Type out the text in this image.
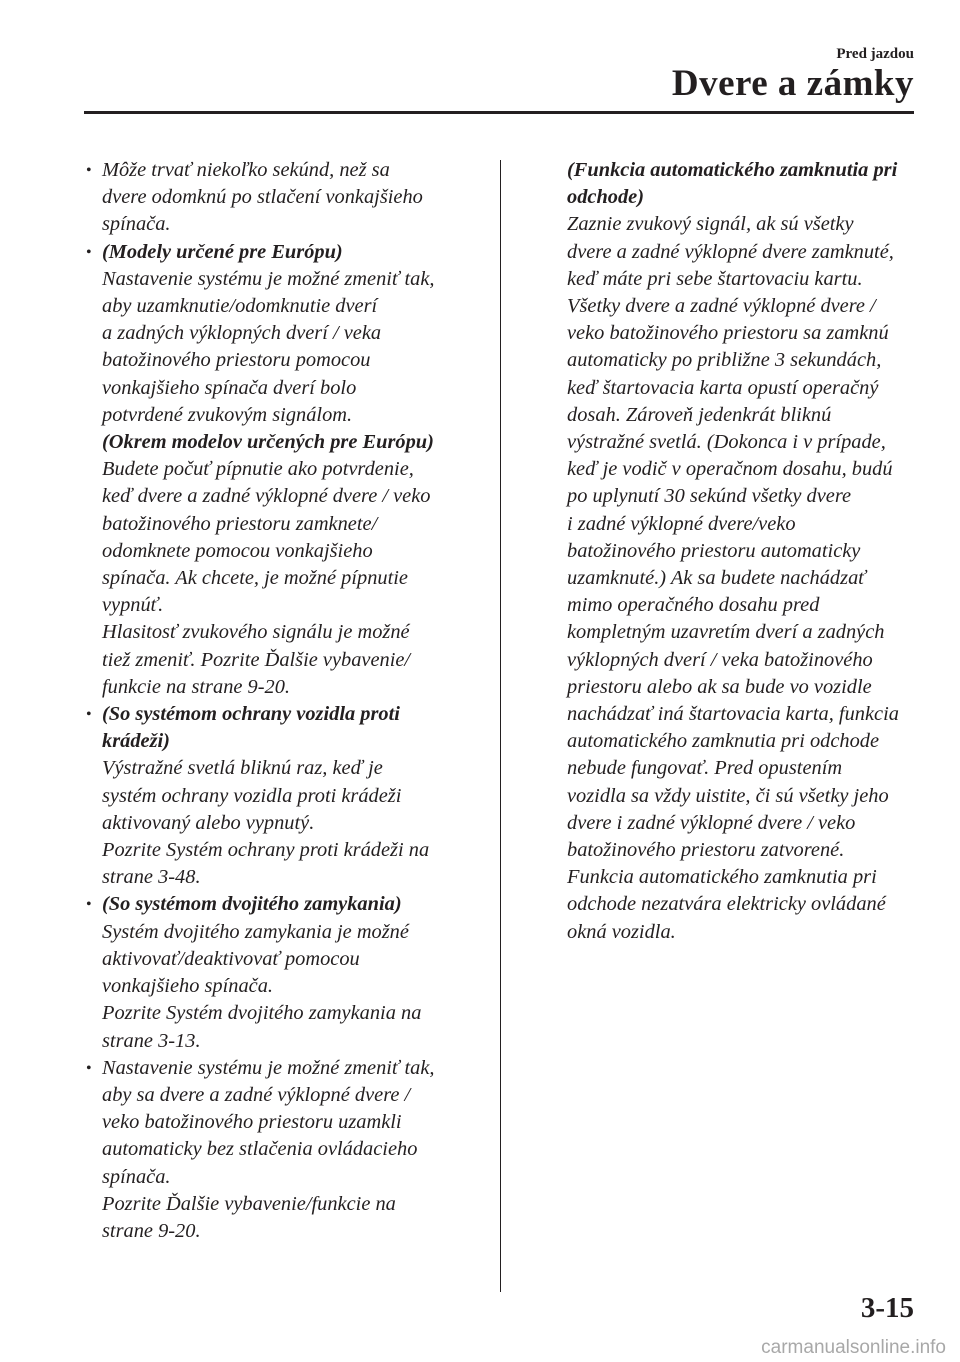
Pred jazdou
Dvere a zámky
• Môže trvať niekoľko sekúnd, než sa
dvere odomknú po stlačení vonkajšieho
spínača.
• (Modely určené pre Európu)
Nastavenie systému je možné zmeniť tak,
aby uzamknutie/odomknutie dverí
a zadných výklopných dverí / veka
batožinového priestoru pomocou
vonkajšieho spínača dverí bolo
potvrdené zvukovým signálom.
(Okrem modelov určených pre Európu)
Budete počuť pípnutie ako potvrdenie,
keď dvere a zadné výklopné dvere / veko
batožinového priestoru zamknete/
odomknete pomocou vonkajšieho
spínača. Ak chcete, je možné pípnutie
vypnúť.
Hlasitosť zvukového signálu je možné
tiež zmeniť. Pozrite Ďalšie vybavenie/
funkcie na strane 9-20.
• (So systémom ochrany vozidla proti
krádeži)
Výstražné svetlá bliknú raz, keď je
systém ochrany vozidla proti krádeži
aktivovaný alebo vypnutý.
Pozrite Systém ochrany proti krádeži na
strane 3-48.
• (So systémom dvojitého zamykania)
Systém dvojitého zamykania je možné
aktivovať/deaktivovať pomocou
vonkajšieho spínača.
Pozrite Systém dvojitého zamykania na
strane 3-13.
• Nastavenie systému je možné zmeniť tak,
aby sa dvere a zadné výklopné dvere /
veko batožinového priestoru uzamkli
automaticky bez stlačenia ovládacieho
spínača.
Pozrite Ďalšie vybavenie/funkcie na
strane 9-20.
(Funkcia automatického zamknutia pri
odchode)
Zaznie zvukový signál, ak sú všetky
dvere a zadné výklopné dvere zamknuté,
keď máte pri sebe štartovaciu kartu.
Všetky dvere a zadné výklopné dvere /
veko batožinového priestoru sa zamknú
automaticky po približne 3 sekundách,
keď štartovacia karta opustí operačný
dosah. Zároveň jedenkrát bliknú
výstražné svetlá. (Dokonca i v prípade,
keď je vodič v operačnom dosahu, budú
po uplynutí 30 sekúnd všetky dvere
i zadné výklopné dvere/veko
batožinového priestoru automaticky
uzamknuté.) Ak sa budete nachádzať
mimo operačného dosahu pred
kompletným uzavretím dverí a zadných
výklopných dverí / veka batožinového
priestoru alebo ak sa bude vo vozidle
nachádzať iná štartovacia karta, funkcia
automatického zamknutia pri odchode
nebude fungovať. Pred opustením
vozidla sa vždy uistite, či sú všetky jeho
dvere i zadné výklopné dvere / veko
batožinového priestoru zatvorené.
Funkcia automatického zamknutia pri
odchode nezatvára elektricky ovládané
okná vozidla.
3-15
carmanualsonline.info
